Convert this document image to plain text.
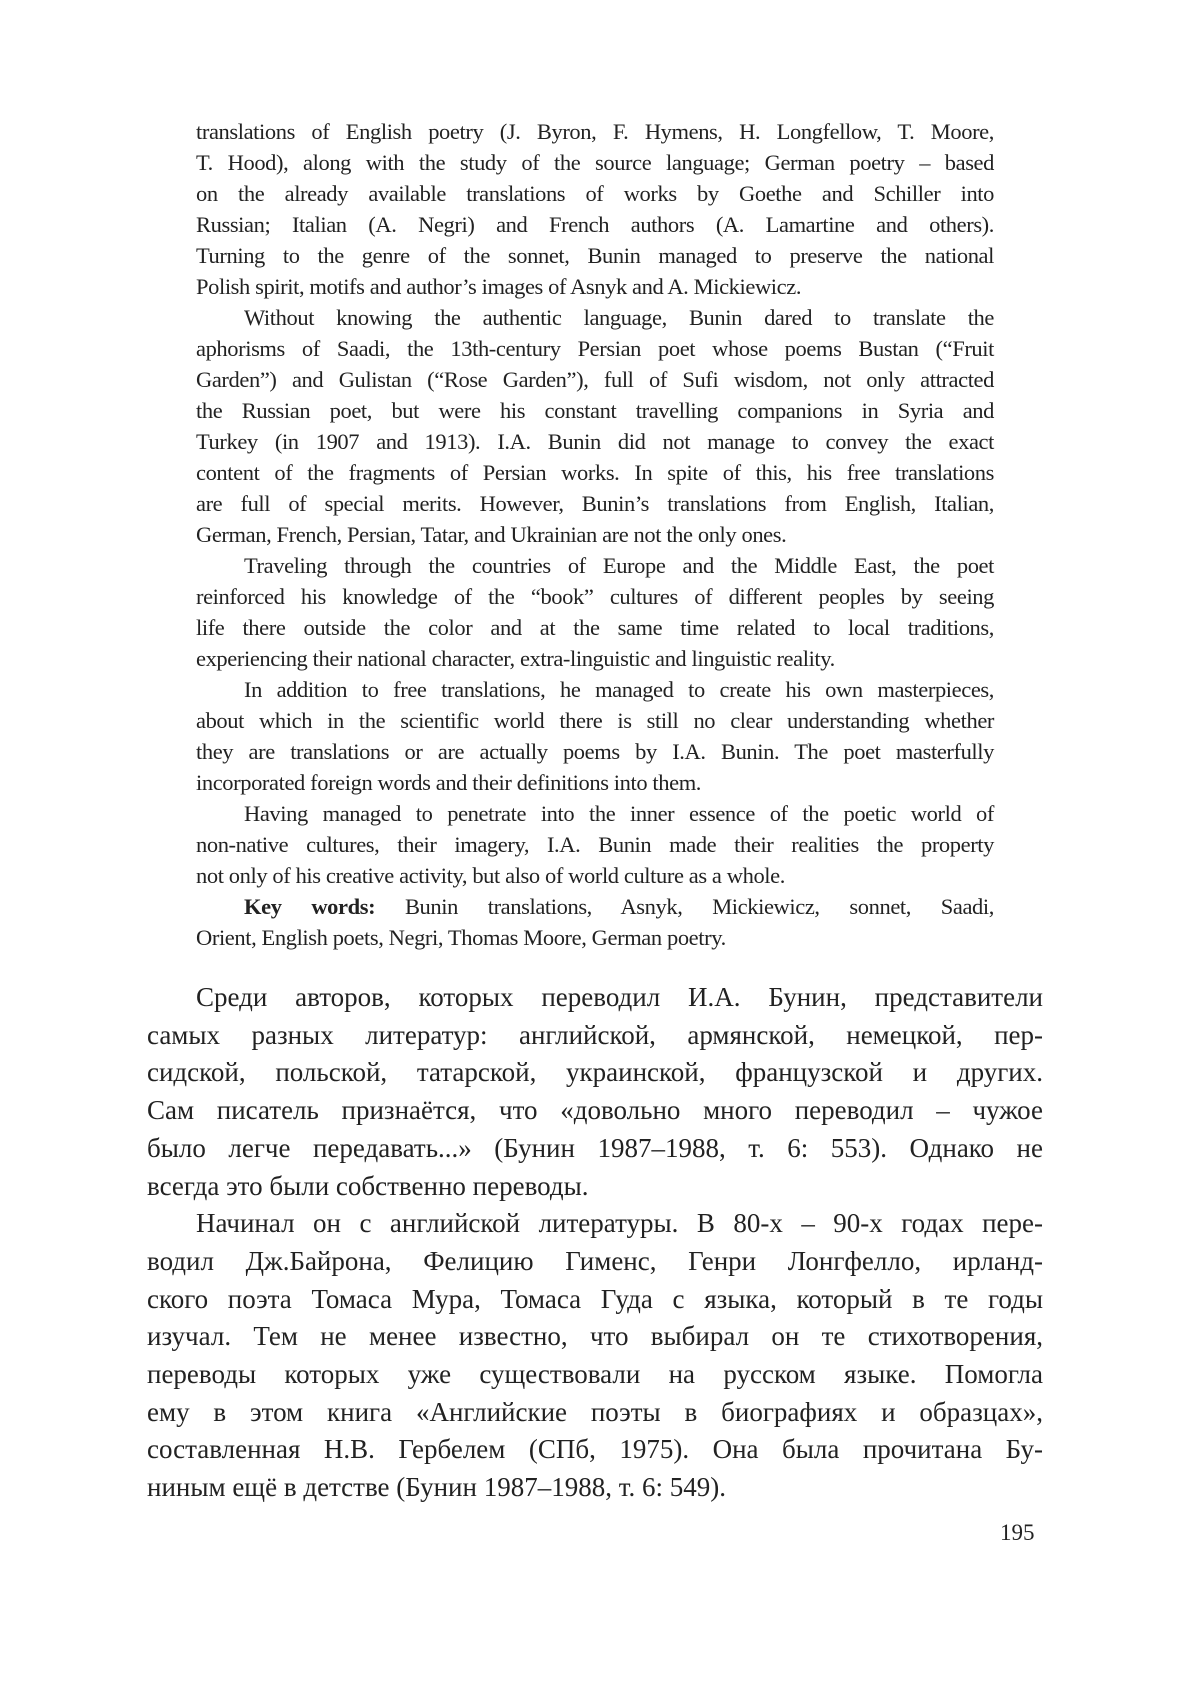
translations of English poetry (J. Byron, F. Hymens, H. Longfellow, T. Moore,
T. Hood), along with the study of the source language; German poetry – based
on the already available translations of works by Goethe and Schiller into
Russian; Italian (A. Negri) and French authors (A. Lamartine and others).
Turning to the genre of the sonnet, Bunin managed to preserve the national
Polish spirit, motifs and author’s images of Asnyk and A. Mickiewicz.
Without knowing the authentic language, Bunin dared to translate the
aphorisms of Saadi, the 13th-century Persian poet whose poems Bustan (“Fruit
Garden”) and Gulistan (“Rose Garden”), full of Sufi wisdom, not only attracted
the Russian poet, but were his constant travelling companions in Syria and
Turkey (in 1907 and 1913). I.A. Bunin did not manage to convey the exact
content of the fragments of Persian works. In spite of this, his free translations
are full of special merits. However, Bunin’s translations from English, Italian,
German, French, Persian, Tatar, and Ukrainian are not the only ones.
Traveling through the countries of Europe and the Middle East, the poet
reinforced his knowledge of the “book” cultures of different peoples by seeing
life there outside the color and at the same time related to local traditions,
experiencing their national character, extra-linguistic and linguistic reality.
In addition to free translations, he managed to create his own masterpieces,
about which in the scientific world there is still no clear understanding whether
they are translations or are actually poems by I.A. Bunin. The poet masterfully
incorporated foreign words and their definitions into them.
Having managed to penetrate into the inner essence of the poetic world of
non-native cultures, their imagery, I.A. Bunin made their realities the property
not only of his creative activity, but also of world culture as a whole.
Key words: Bunin translations, Asnyk, Mickiewicz, sonnet, Saadi,
Orient, English poets, Negri, Thomas Moore, German poetry.
Среди авторов, которых переводил И.А. Бунин, представители
самых разных литератур: английской, армянской, немецкой, пер-
сидской, польской, татарской, украинской, французской и других.
Сам писатель признаётся, что «довольно много переводил – чужое
было легче передавать...» (Бунин 1987–1988, т. 6: 553). Однако не
всегда это были собственно переводы.
Начинал он с английской литературы. В 80-х – 90-х годах пере-
водил Дж.Байрона, Фелицию Гименс, Генри Лонгфелло, ирланд-
ского поэта Томаса Мура, Томаса Гуда с языка, который в те годы
изучал. Тем не менее известно, что выбирал он те стихотворения,
переводы которых уже существовали на русском языке. Помогла
ему в этом книга «Английские поэты в биографиях и образцах»,
составленная Н.В. Гербелем (СПб, 1975). Она была прочитана Бу-
ниным ещё в детстве (Бунин 1987–1988, т. 6: 549).
195
